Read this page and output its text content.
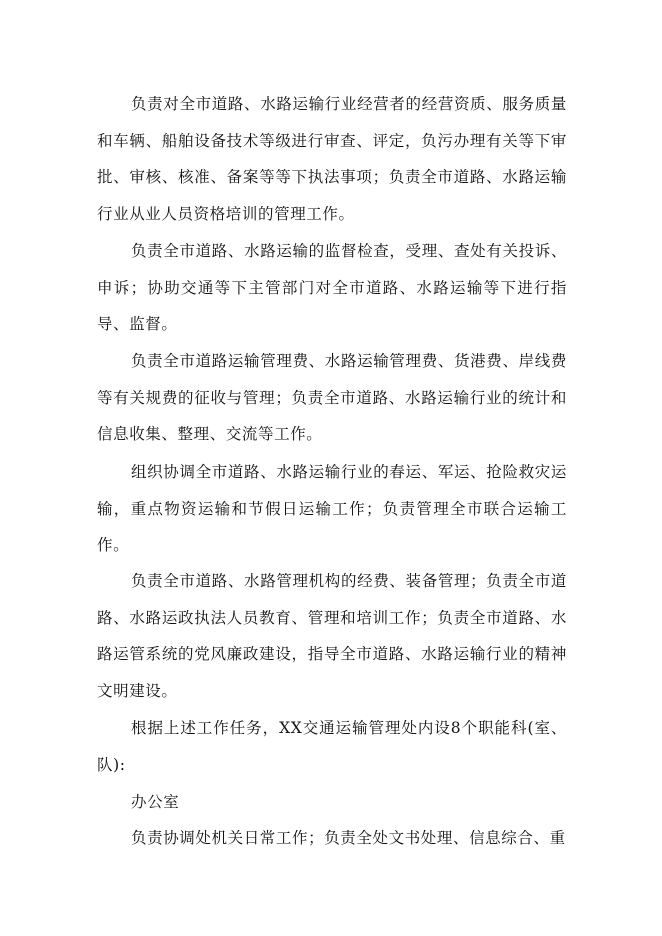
负责对全市道路、水路运输行业经营者的经营资质、服务质量和车辆、船舶设备技术等级进行审查、评定，负污办理有关等下审批、审核、核准、备案等等下执法事项；负责全市道路、水路运输行业从业人员资格培训的管理工作。

负责全市道路、水路运输的监督检查，受理、查处有关投诉、申诉；协助交通等下主管部门对全市道路、水路运输等下进行指导、监督。

负责全市道路运输管理费、水路运输管理费、货港费、岸线费等有关规费的征收与管理；负责全市道路、水路运输行业的统计和信息收集、整理、交流等工作。

组织协调全市道路、水路运输行业的春运、军运、抢险救灾运输，重点物资运输和节假日运输工作；负责管理全市联合运输工作。

负责全市道路、水路管理机构的经费、装备管理；负责全市道路、水路运政执法人员教育、管理和培训工作；负责全市道路、水路运管系统的党风廉政建设，指导全市道路、水路运输行业的精神文明建设。

根据上述工作任务，XX交通运输管理处内设8个职能科(室、队):

办公室

负责协调处机关日常工作；负责全处文书处理、信息综合、重
